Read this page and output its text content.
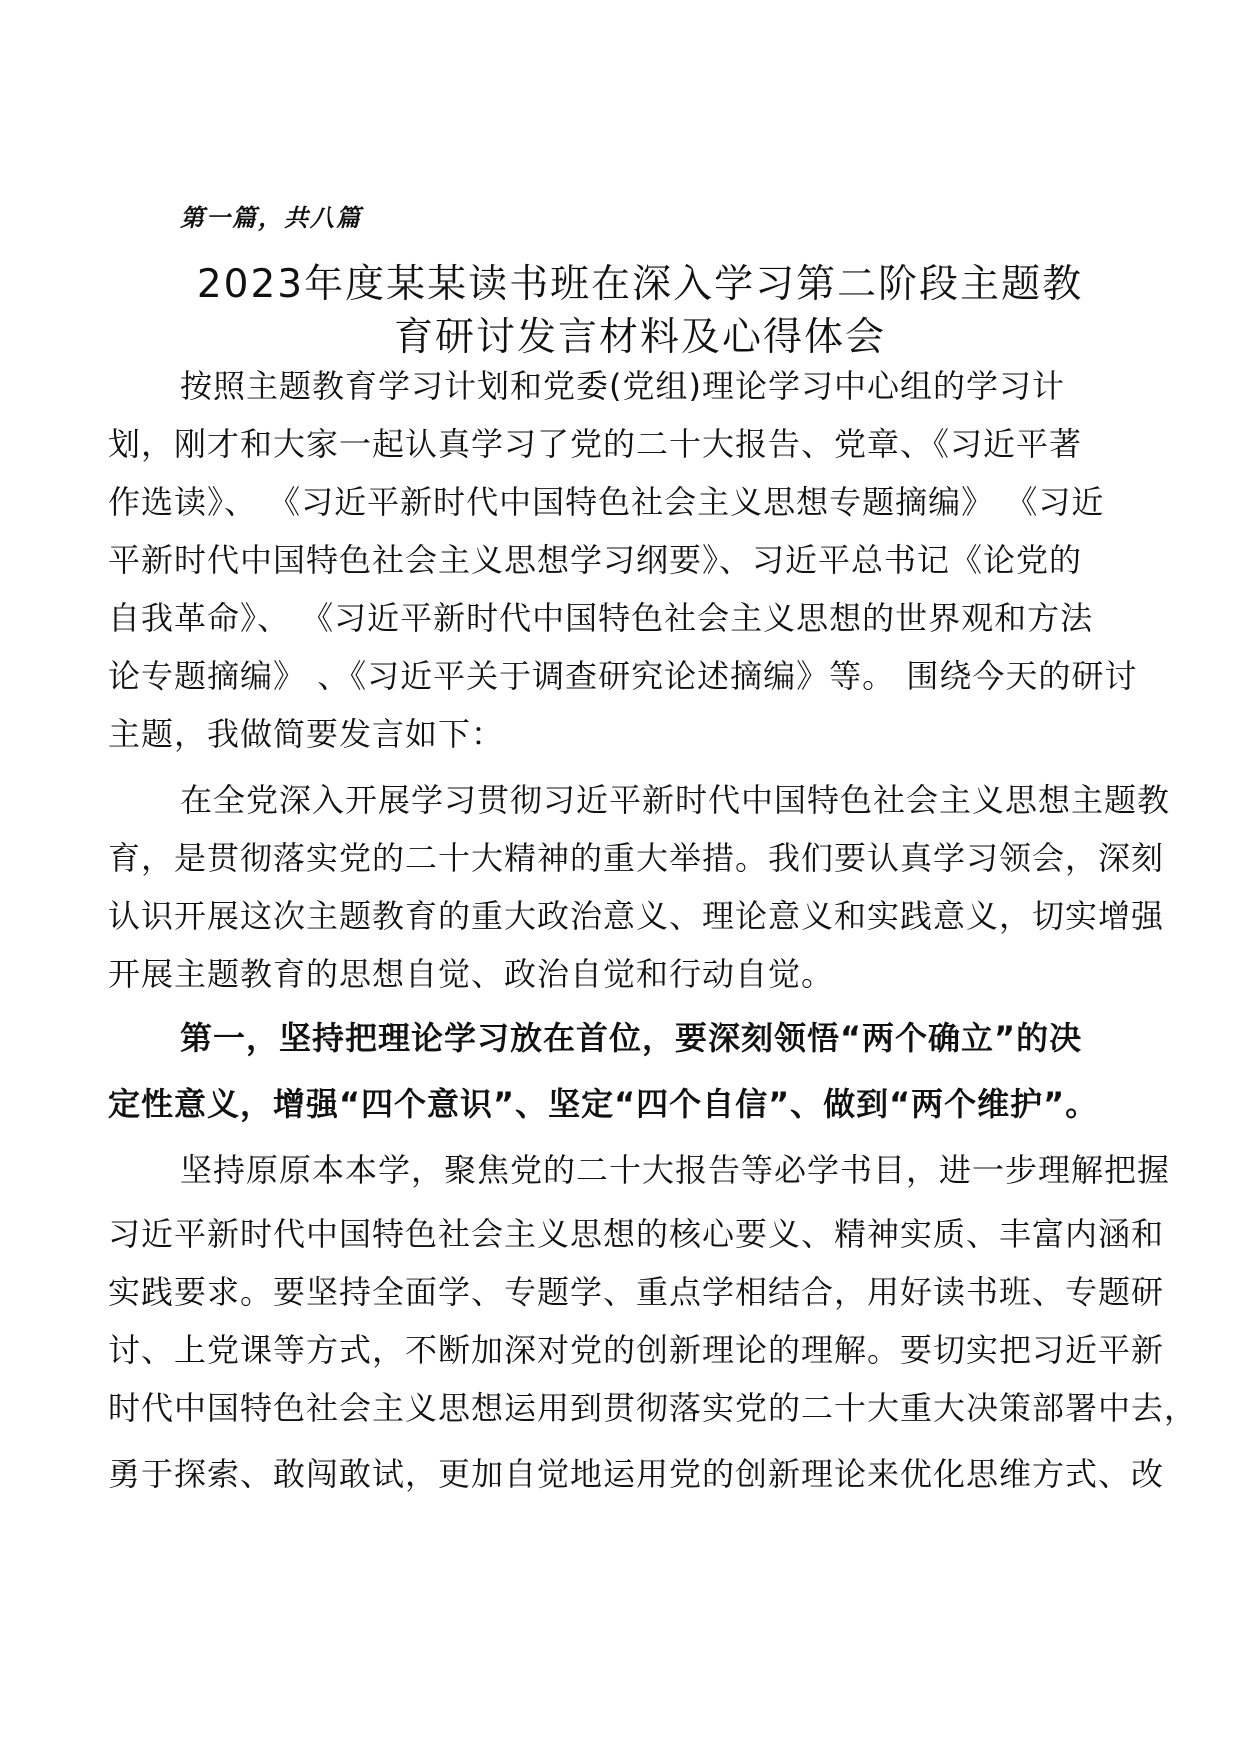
第一篇，共八篇
2023年度某某读书班在深入学习第二阶段主题教
育研讨发言材料及心得体会
按照主题教育学习计划和党委(党组)理论学习中心组的学习计
划，刚才和大家一起认真学习了党的二十大报告、党章、《习近平著
作选读》、 《习近平新时代中国特色社会主义思想专题摘编》 《习近
平新时代中国特色社会主义思想学习纲要》、习近平总书记《论党的
自我革命》、 《习近平新时代中国特色社会主义思想的世界观和方法
论专题摘编》 、《习近平关于调查研究论述摘编》等。 围绕今天的研讨
主题，我做简要发言如下：
在全党深入开展学习贯彻习近平新时代中国特色社会主义思想主题教
育，是贯彻落实党的二十大精神的重大举措。我们要认真学习领会，深刻
认识开展这次主题教育的重大政治意义、理论意义和实践意义，切实增强
开展主题教育的思想自觉、政治自觉和行动自觉。
第一，坚持把理论学习放在首位，要深刻领悟“两个确立”的决
定性意义，增强“四个意识”、坚定“四个自信”、做到“两个维护”。
坚持原原本本学，聚焦党的二十大报告等必学书目，进一步理解把握
习近平新时代中国特色社会主义思想的核心要义、精神实质、丰富内涵和
实践要求。要坚持全面学、专题学、重点学相结合，用好读书班、专题研
讨、上党课等方式，不断加深对党的创新理论的理解。要切实把习近平新
时代中国特色社会主义思想运用到贯彻落实党的二十大重大决策部署中去，
勇于探索、敢闯敢试，更加自觉地运用党的创新理论来优化思维方式、改
